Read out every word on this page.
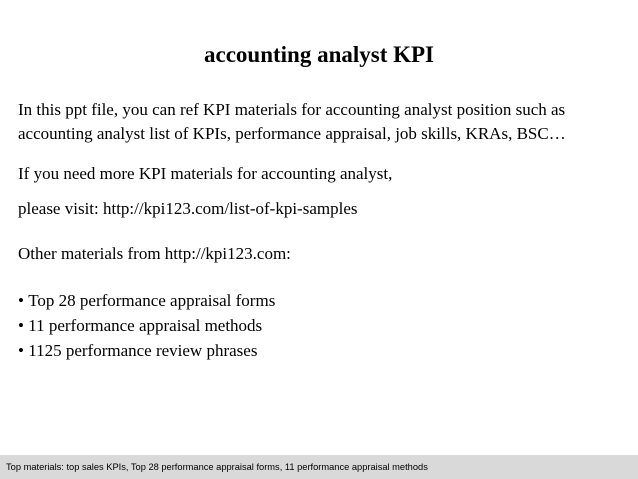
accounting analyst KPI
In this ppt file, you can ref KPI materials for accounting analyst position such as
accounting analyst list of KPIs, performance appraisal, job skills, KRAs, BSC…
If you need more KPI materials for accounting analyst,
please visit: http://kpi123.com/list-of-kpi-samples
Other materials from http://kpi123.com:
• Top 28 performance appraisal forms
• 11 performance appraisal methods
• 1125 performance review phrases
Top materials: top sales KPIs, Top 28 performance appraisal forms, 11 performance appraisal methods
